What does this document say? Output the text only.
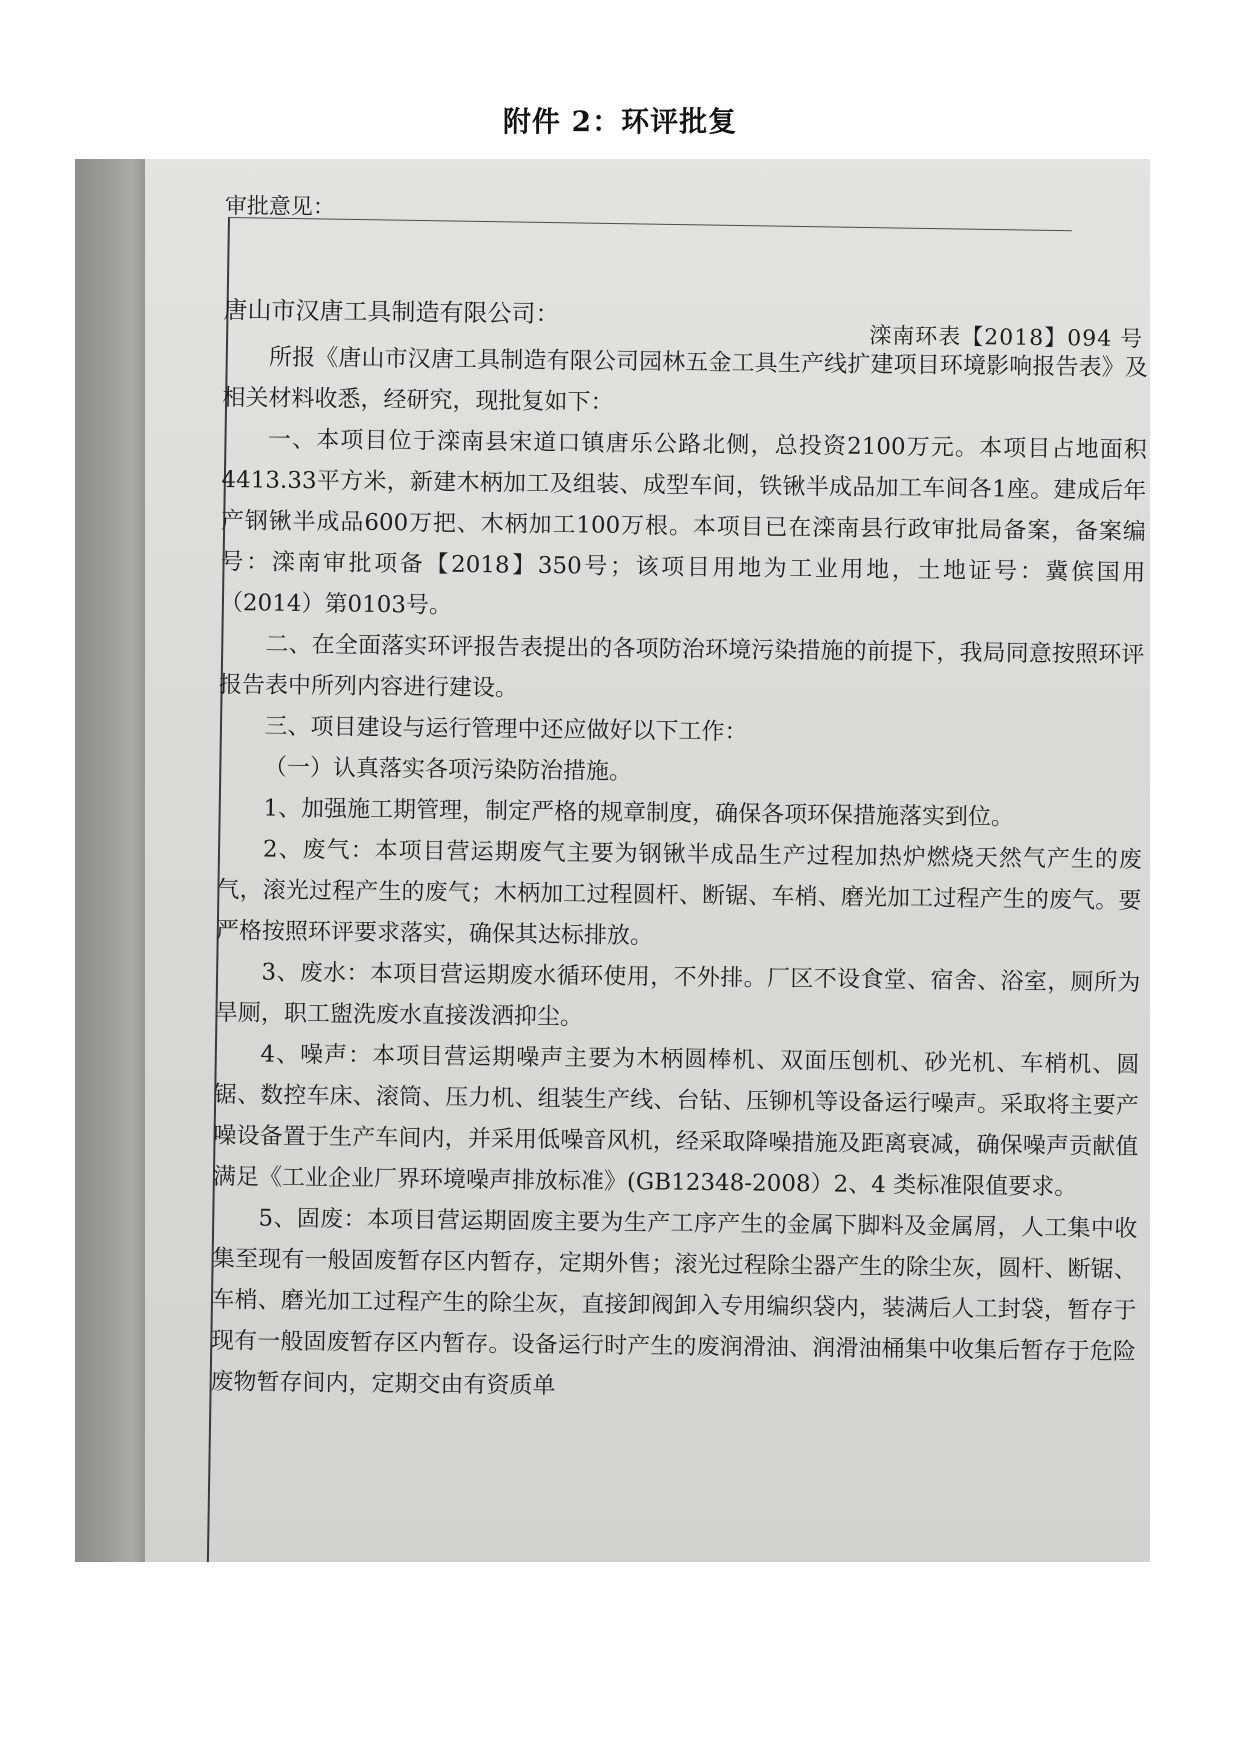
附件 2：环评批复
审批意见：
滦南环表【2018】094 号
唐山市汉唐工具制造有限公司：

所报《唐山市汉唐工具制造有限公司园林五金工具生产线扩建项目环境影响报告表》及相关材料收悉，经研究，现批复如下：

一、本项目位于滦南县宋道口镇唐乐公路北侧，总投资2100万元。本项目占地面积4413.33平方米，新建木柄加工及组装、成型车间，铁锹半成品加工车间各1座。建成后年产钢锹半成品600万把、木柄加工100万根。本项目已在滦南县行政审批局备案，备案编号：滦南审批项备【2018】350号；该项目用地为工业用地，土地证号：冀傧国用（2014）第0103号。

二、在全面落实环评报告表提出的各项防治环境污染措施的前提下，我局同意按照环评报告表中所列内容进行建设。

三、项目建设与运行管理中还应做好以下工作：

（一）认真落实各项污染防治措施。

1、加强施工期管理，制定严格的规章制度，确保各项环保措施落实到位。

2、废气：本项目营运期废气主要为钢锹半成品生产过程加热炉燃烧天然气产生的废气，滚光过程产生的废气；木柄加工过程圆杆、断锯、车梢、磨光加工过程产生的废气。要严格按照环评要求落实，确保其达标排放。

3、废水：本项目营运期废水循环使用，不外排。厂区不设食堂、宿舍、浴室，厕所为旱厕，职工盥洗废水直接泼洒抑尘。

4、噪声：本项目营运期噪声主要为木柄圆棒机、双面压刨机、砂光机、车梢机、圆锯、数控车床、滚筒、压力机、组装生产线、台钻、压铆机等设备运行噪声。采取将主要产噪设备置于生产车间内，并采用低噪音风机，经采取降噪措施及距离衰减，确保噪声贡献值满足《工业企业厂界环境噪声排放标准》(GB12348-2008）2、4 类标准限值要求。

5、固废：本项目营运期固废主要为生产工序产生的金属下脚料及金属屑，人工集中收集至现有一般固废暂存区内暂存，定期外售；滚光过程除尘器产生的除尘灰，圆杆、断锯、车梢、磨光加工过程产生的除尘灰，直接卸阀卸入专用编织袋内，装满后人工封袋，暂存于现有一般固废暂存区内暂存。设备运行时产生的废润滑油、润滑油桶集中收集后暂存于危险废物暂存间内，定期交由有资质单
